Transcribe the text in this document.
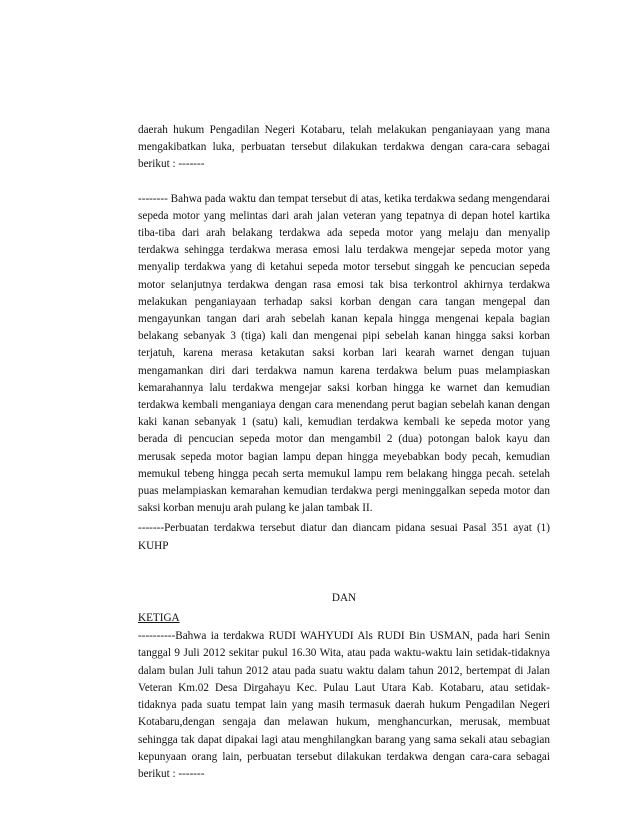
daerah hukum Pengadilan Negeri Kotabaru, telah melakukan penganiayaan yang mana mengakibatkan luka, perbuatan tersebut dilakukan terdakwa dengan cara-cara sebagai berikut : -------

-------- Bahwa pada waktu dan tempat tersebut di atas, ketika terdakwa sedang mengendarai sepeda motor yang melintas dari arah jalan veteran yang tepatnya di depan hotel kartika tiba-tiba dari arah belakang terdakwa ada sepeda motor yang melaju dan menyalip terdakwa sehingga terdakwa merasa emosi lalu terdakwa mengejar sepeda motor yang menyalip terdakwa yang di ketahui sepeda motor tersebut singgah ke pencucian sepeda motor selanjutnya terdakwa dengan rasa emosi tak bisa terkontrol akhirnya terdakwa melakukan penganiayaan terhadap saksi korban dengan cara tangan mengepal dan mengayunkan tangan dari arah sebelah kanan kepala hingga mengenai kepala bagian belakang sebanyak 3 (tiga) kali dan mengenai pipi sebelah kanan hingga saksi korban terjatuh, karena merasa ketakutan saksi korban lari kearah warnet dengan tujuan mengamankan diri dari terdakwa namun karena terdakwa belum puas melampiaskan kemarahannya lalu terdakwa mengejar saksi korban hingga ke warnet dan kemudian terdakwa kembali menganiaya dengan cara menendang perut bagian sebelah kanan dengan kaki kanan sebanyak 1 (satu) kali, kemudian terdakwa kembali ke sepeda motor yang berada di pencucian sepeda motor dan mengambil 2 (dua) potongan balok kayu dan merusak sepeda motor bagian lampu depan hingga meyebabkan body pecah, kemudian memukul tebeng hingga pecah serta memukul lampu rem belakang hingga pecah. setelah puas melampiaskan kemarahan kemudian terdakwa pergi meninggalkan sepeda motor dan saksi korban menuju arah pulang ke jalan tambak II.

-------Perbuatan terdakwa tersebut diatur dan diancam pidana sesuai Pasal 351 ayat (1) KUHP

DAN

KETIGA

----------Bahwa ia terdakwa RUDI WAHYUDI Als RUDI Bin USMAN, pada hari Senin tanggal 9 Juli 2012 sekitar pukul 16.30 Wita, atau pada waktu-waktu lain setidak-tidaknya dalam bulan Juli tahun 2012 atau pada suatu waktu dalam tahun 2012, bertempat di Jalan Veteran Km.02 Desa Dirgahayu Kec. Pulau Laut Utara Kab. Kotabaru, atau setidak-tidaknya pada suatu tempat lain yang masih termasuk daerah hukum Pengadilan Negeri Kotabaru,dengan sengaja dan melawan hukum, menghancurkan, merusak, membuat sehingga tak dapat dipakai lagi atau menghilangkan barang yang sama sekali atau sebagian kepunyaan orang lain, perbuatan tersebut dilakukan terdakwa dengan cara-cara sebagai berikut : -------
